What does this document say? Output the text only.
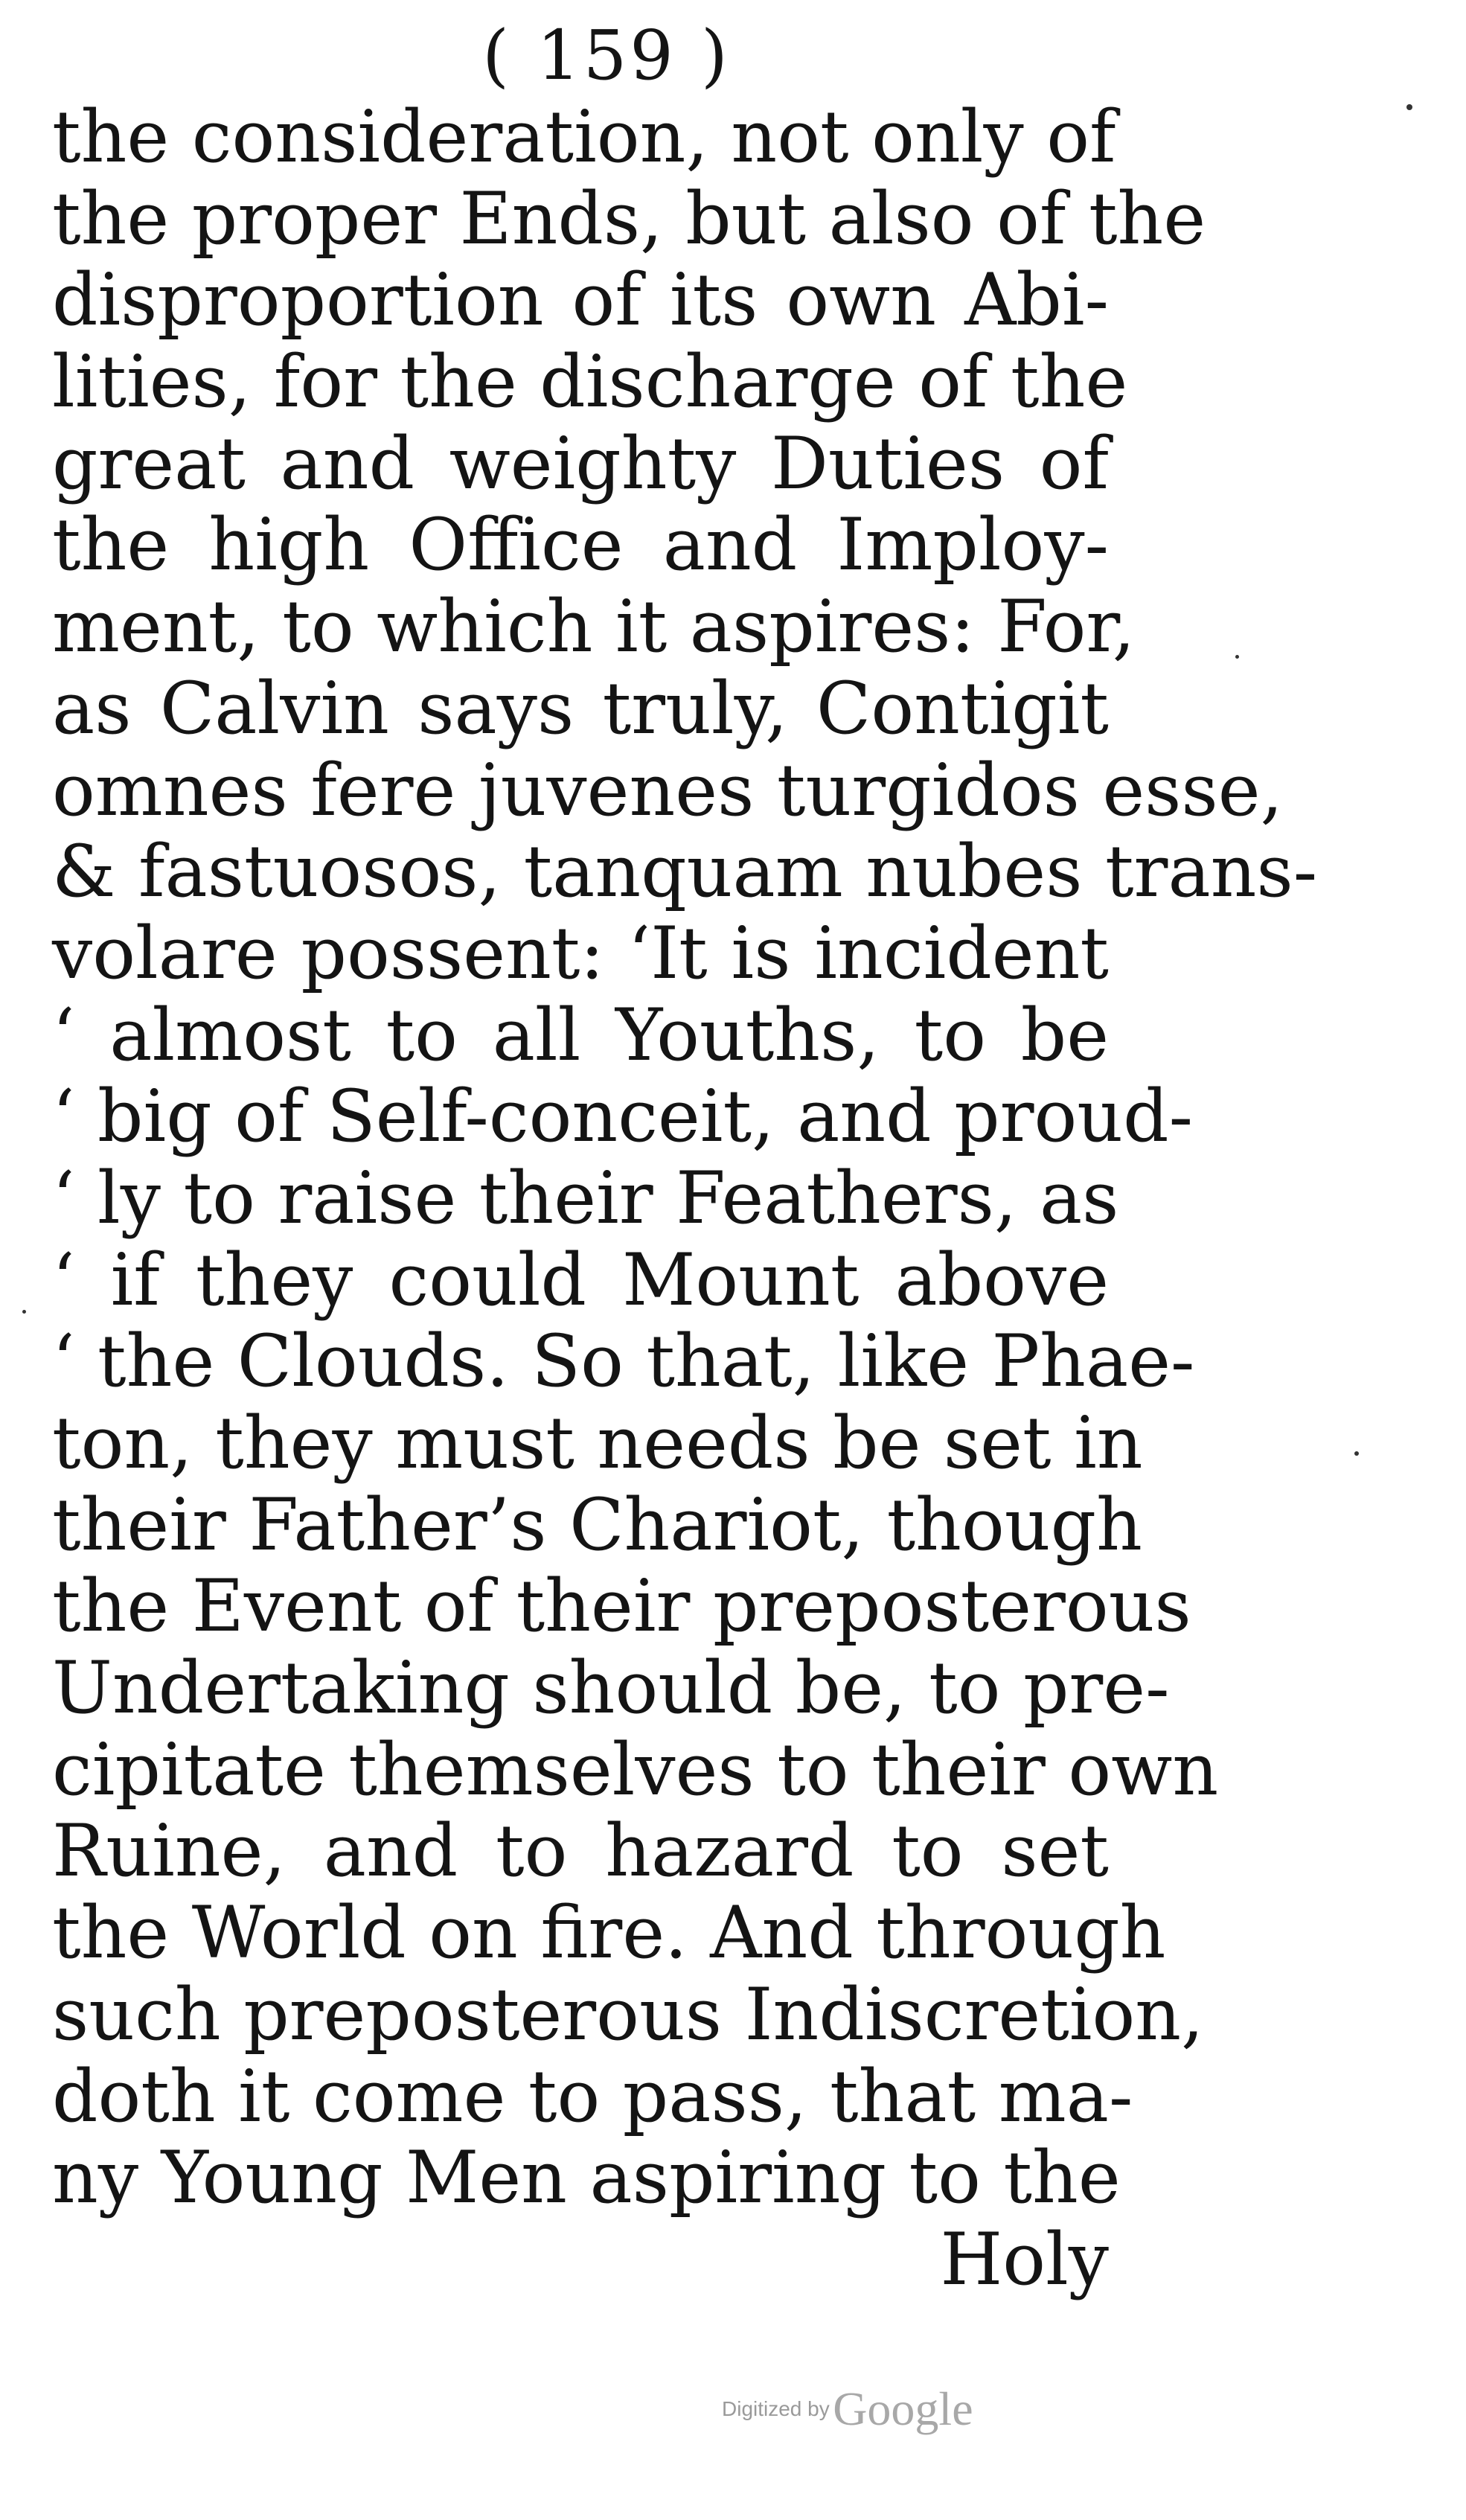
( 159 )
the consideration, not only of
the proper Ends, but also of the
disproportion of its own Abi-
lities, for the discharge of the
great and weighty Duties of
the high Office and Imploy-
ment, to which it aspires: For,
as Calvin says truly, Contigit
omnes fere juvenes turgidos esse,
& fastuosos, tanquam nubes trans-
volare possent: ‘It is incident
‘ almost to all Youths, to be
‘ big of Self-conceit, and proud-
‘ ly to raise their Feathers, as
‘ if they could Mount above
‘ the Clouds. So that, like Phae-
ton, they must needs be set in
their Father’s Chariot, though
the Event of their preposterous
Undertaking should be, to pre-
cipitate themselves to their own
Ruine, and to hazard to set
the World on fire. And through
such preposterous Indiscretion,
doth it come to pass, that ma-
ny Young Men aspiring to the
Holy
Digitized by Google
